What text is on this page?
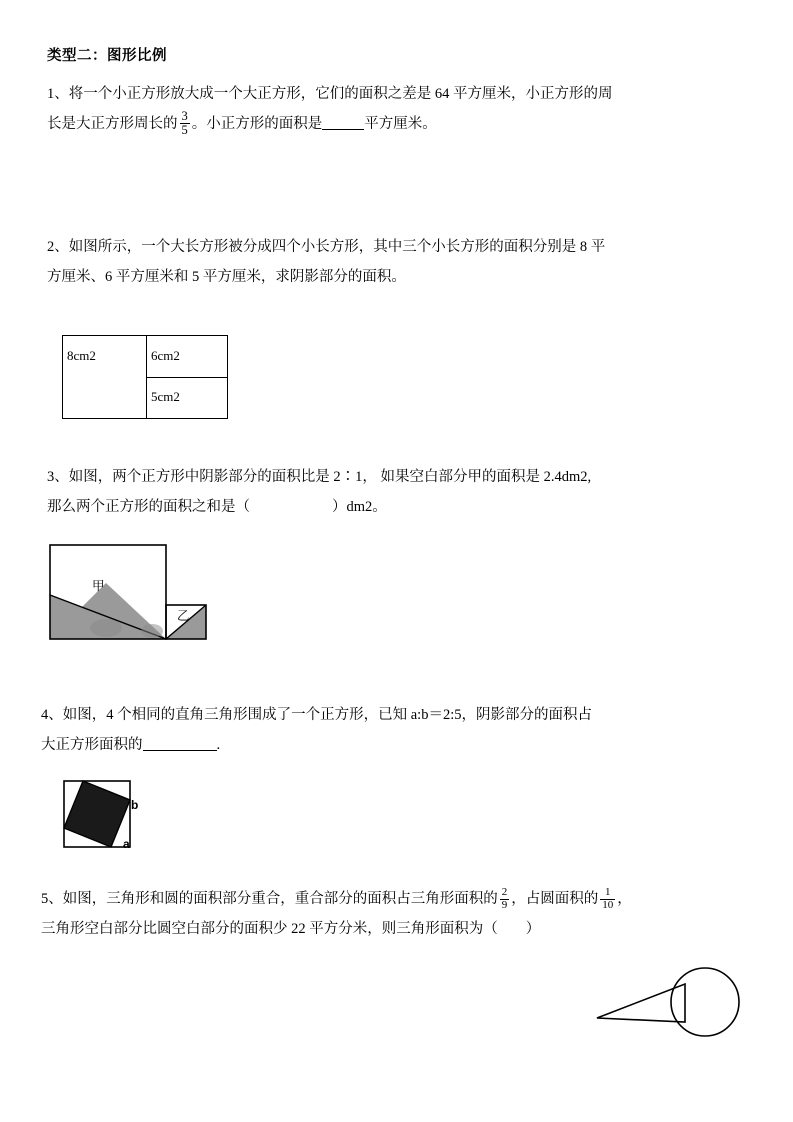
类型二：图形比例
1、将一个小正方形放大成一个大正方形，它们的面积之差是 64 平方厘米，小正方形的周
长是大正方形周长的 $\frac{3}{5}$ 。小正方形的面积是	平方厘米。
2、如图所示，一个大长方形被分成四个小长方形，其中三个小长方形的面积分别是 8 平
方厘米、6 平方厘米和 5 平方厘米，求阴影部分的面积。
8cm2	6cm2
5cm2
3、如图，两个正方形中阴影部分的面积比是 2∶1， 如果空白部分甲的面积是 2.4dm2,
那么两个正方形的面积之和是（	）dm2。
甲
乙
4、如图，4 个相同的直角三角形围成了一个正方形，已知 a:b＝2:5，阴影部分的面积占
大正方形面积的	.
b
a
5、如图，三角形和圆的面积部分重合，重合部分的面积占三角形面积的 $\frac{2}{9}$ ，占圆面积的 $\frac{1}{10}$ ，
三角形空白部分比圆空白部分的面积少 22 平方分米，则三角形面积为（ ）
